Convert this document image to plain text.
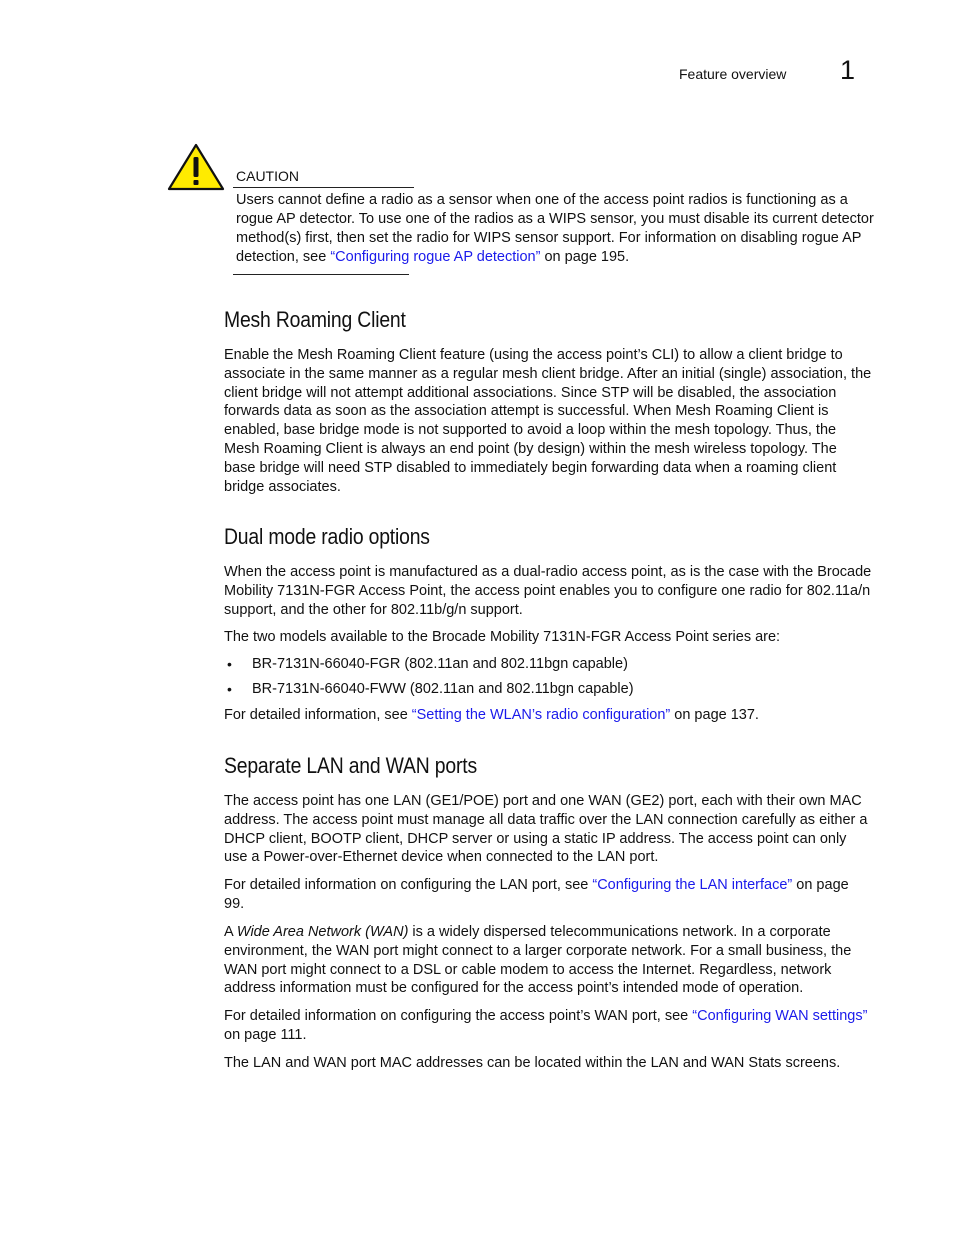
Feature overview 1
CAUTION
Users cannot define a radio as a sensor when one of the access point radios is functioning as a rogue AP detector. To use one of the radios as a WIPS sensor, you must disable its current detector method(s) first, then set the radio for WIPS sensor support. For information on disabling rogue AP detection, see “Configuring rogue AP detection” on page 195.
Mesh Roaming Client

Enable the Mesh Roaming Client feature (using the access point’s CLI) to allow a client bridge to associate in the same manner as a regular mesh client bridge. After an initial (single) association, the client bridge will not attempt additional associations. Since STP will be disabled, the association forwards data as soon as the association attempt is successful. When Mesh Roaming Client is enabled, base bridge mode is not supported to avoid a loop within the mesh topology. Thus, the Mesh Roaming Client is always an end point (by design) within the mesh wireless topology. The base bridge will need STP disabled to immediately begin forwarding data when a roaming client bridge associates.

Dual mode radio options

When the access point is manufactured as a dual-radio access point, as is the case with the Brocade Mobility 7131N-FGR Access Point, the access point enables you to configure one radio for 802.11a/n support, and the other for 802.11b/g/n support.

The two models available to the Brocade Mobility 7131N-FGR Access Point series are:

• BR-7131N-66040-FGR (802.11an and 802.11bgn capable)
• BR-7131N-66040-FWW (802.11an and 802.11bgn capable)

For detailed information, see “Setting the WLAN’s radio configuration” on page 137.

Separate LAN and WAN ports

The access point has one LAN (GE1/POE) port and one WAN (GE2) port, each with their own MAC address. The access point must manage all data traffic over the LAN connection carefully as either a DHCP client, BOOTP client, DHCP server or using a static IP address. The access point can only use a Power-over-Ethernet device when connected to the LAN port.

For detailed information on configuring the LAN port, see “Configuring the LAN interface” on page 99.

A Wide Area Network (WAN) is a widely dispersed telecommunications network. In a corporate environment, the WAN port might connect to a larger corporate network. For a small business, the WAN port might connect to a DSL or cable modem to access the Internet. Regardless, network address information must be configured for the access point’s intended mode of operation.

For detailed information on configuring the access point’s WAN port, see “Configuring WAN settings” on page 111.

The LAN and WAN port MAC addresses can be located within the LAN and WAN Stats screens.
